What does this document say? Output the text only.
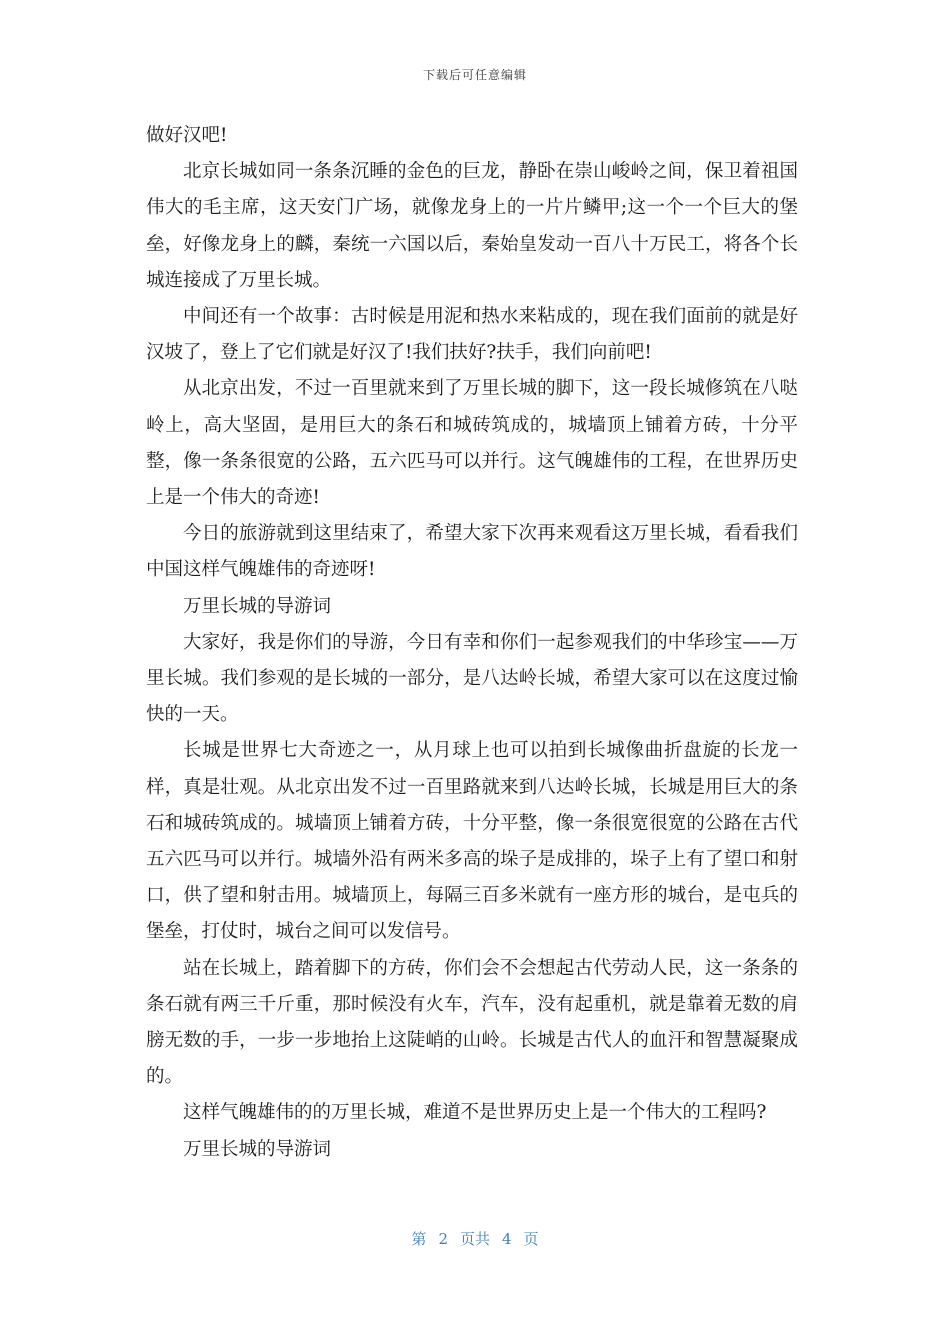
下载后可任意编辑

做好汉吧!

北京长城如同一条条沉睡的金色的巨龙，静卧在崇山峻岭之间，保卫着祖国伟大的毛主席，这天安门广场，就像龙身上的一片片鳞甲;这一个一个巨大的堡垒，好像龙身上的麟，秦统一六国以后，秦始皇发动一百八十万民工，将各个长城连接成了万里长城。

中间还有一个故事：古时候是用泥和热水来粘成的，现在我们面前的就是好汉坡了，登上了它们就是好汉了!我们扶好?扶手，我们向前吧!

从北京出发，不过一百里就来到了万里长城的脚下，这一段长城修筑在八哒岭上，高大坚固，是用巨大的条石和城砖筑成的，城墙顶上铺着方砖，十分平整，像一条条很宽的公路，五六匹马可以并行。这气魄雄伟的工程，在世界历史上是一个伟大的奇迹!

今日的旅游就到这里结束了，希望大家下次再来观看这万里长城，看看我们中国这样气魄雄伟的奇迹呀!

万里长城的导游词

大家好，我是你们的导游，今日有幸和你们一起参观我们的中华珍宝——万里长城。我们参观的是长城的一部分，是八达岭长城，希望大家可以在这度过愉快的一天。

长城是世界七大奇迹之一，从月球上也可以拍到长城像曲折盘旋的长龙一样，真是壮观。从北京出发不过一百里路就来到八达岭长城，长城是用巨大的条石和城砖筑成的。城墙顶上铺着方砖，十分平整，像一条很宽很宽的公路在古代五六匹马可以并行。城墙外沿有两米多高的垛子是成排的，垛子上有了望口和射口，供了望和射击用。城墙顶上，每隔三百多米就有一座方形的城台，是屯兵的堡垒，打仗时，城台之间可以发信号。

站在长城上，踏着脚下的方砖，你们会不会想起古代劳动人民，这一条条的条石就有两三千斤重，那时候没有火车，汽车，没有起重机，就是靠着无数的肩膀无数的手，一步一步地抬上这陡峭的山岭。长城是古代人的血汗和智慧凝聚成的。

这样气魄雄伟的的万里长城，难道不是世界历史上是一个伟大的工程吗?

万里长城的导游词

第 2 页共 4 页
